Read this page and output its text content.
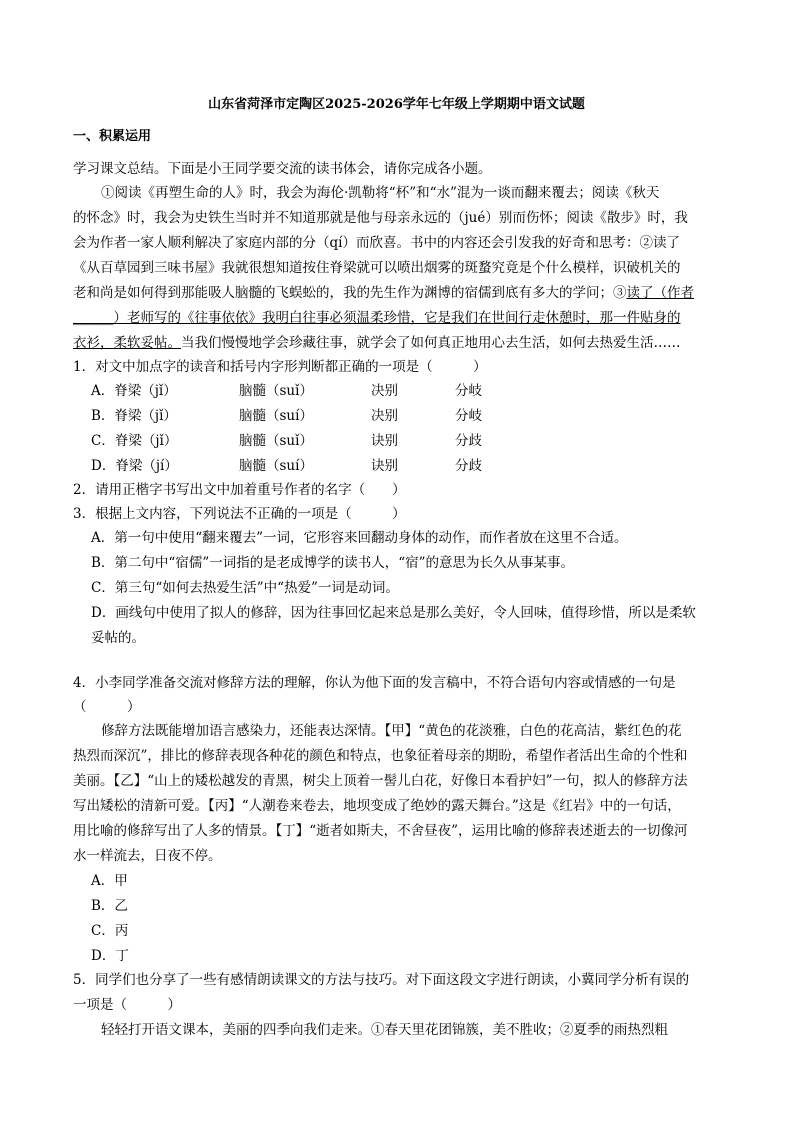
山东省菏泽市定陶区2025-2026学年七年级上学期期中语文试题
一、积累运用
学习课文总结。下面是小王同学要交流的读书体会，请你完成各小题。
①阅读《再塑生命的人》时，我会为海伦·凯勒将“杯”和“水”混为一谈而翻来覆去；阅读《秋天
的怀念》时，我会为史铁生当时并不知道那就是他与母亲永远的（jué）别而伤怀；阅读《散步》时，我
会为作者一家人顺利解决了家庭内部的分（qí）而欣喜。书中的内容还会引发我的好奇和思考：②读了
《从百草园到三味书屋》我就很想知道按住脊梁就可以喷出烟雾的斑蝥究竟是个什么模样，识破机关的
老和尚是如何得到那能吸人脑髓的飞蜈蚣的，我的先生作为渊博的宿儒到底有多大的学问；③读了（作者
______）老师写的《往事依依》我明白往事必须温柔珍惜，它是我们在世间行走休憩时，那一件贴身的
衣衫，柔软妥帖。当我们慢慢地学会珍藏往事，就学会了如何真正地用心去生活，如何去热爱生活……
1．对文中加点字的读音和括号内字形判断都正确的一项是（　　　）
A．脊梁（jǐ）	脑髓（suǐ）	决别	分岐
B．脊梁（jǐ）	脑髓（suí）	决别	分岐
C．脊梁（jǐ）	脑髓（suǐ）	诀别	分歧
D．脊梁（jí）	脑髓（suí）	诀别	分歧
2．请用正楷字书写出文中加着重号作者的名字（　　）
3．根据上文内容，下列说法不正确的一项是（　　　）
A．第一句中使用“翻来覆去”一词，它形容来回翻动身体的动作，而作者放在这里不合适。
B．第二句中“宿儒”一词指的是老成博学的读书人，“宿”的意思为长久从事某事。
C．第三句“如何去热爱生活”中“热爱”一词是动词。
D．画线句中使用了拟人的修辞，因为往事回忆起来总是那么美好，令人回味，值得珍惜，所以是柔软
妥帖的。
4．小李同学准备交流对修辞方法的理解，你认为他下面的发言稿中，不符合语句内容或情感的一句是
（　　　）
修辞方法既能增加语言感染力，还能表达深情。【甲】“黄色的花淡雅，白色的花高洁，紫红色的花
热烈而深沉”，排比的修辞表现各种花的颜色和特点，也象征着母亲的期盼，希望作者活出生命的个性和
美丽。【乙】“山上的矮松越发的青黑，树尖上顶着一髻儿白花，好像日本看护妇”一句，拟人的修辞方法
写出矮松的清新可爱。【丙】“人潮卷来卷去，地坝变成了绝妙的露天舞台。”这是《红岩》中的一句话，
用比喻的修辞写出了人多的情景。【丁】“逝者如斯夫，不舍昼夜”，运用比喻的修辞表述逝去的一切像河
水一样流去，日夜不停。
A．甲
B．乙
C．丙
D．丁
5．同学们也分享了一些有感情朗读课文的方法与技巧。对下面这段文字进行朗读，小冀同学分析有误的
一项是（　　　）
轻轻打开语文课本，美丽的四季向我们走来。①春天里花团锦簇，美不胜收；②夏季的雨热烈粗
